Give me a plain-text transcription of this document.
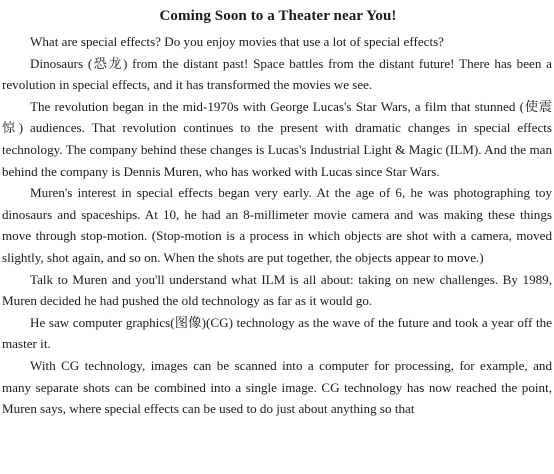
Coming Soon to a Theater near You!

What are special effects? Do you enjoy movies that use a lot of special effects?

Dinosaurs (恐龙) from the distant past! Space battles from the distant future! There has been a revolution in special effects, and it has transformed the movies we see.

The revolution began in the mid-1970s with George Lucas's Star Wars, a film that stunned (使震惊) audiences. That revolution continues to the present with dramatic changes in special effects technology. The company behind these changes is Lucas's Industrial Light & Magic (ILM). And the man behind the company is Dennis Muren, who has worked with Lucas since Star Wars.

Muren's interest in special effects began very early. At the age of 6, he was photographing toy dinosaurs and spaceships. At 10, he had an 8-millimeter movie camera and was making these things move through stop-motion. (Stop-motion is a process in which objects are shot with a camera, moved slightly, shot again, and so on. When the shots are put together, the objects appear to move.)

Talk to Muren and you'll understand what ILM is all about: taking on new challenges. By 1989, Muren decided he had pushed the old technology as far as it would go.

He saw computer graphics(图像)(CG) technology as the wave of the future and took a year off the master it.

With CG technology, images can be scanned into a computer for processing, for example, and many separate shots can be combined into a single image. CG technology has now reached the point, Muren says, where special effects can be used to do just about anything so that
